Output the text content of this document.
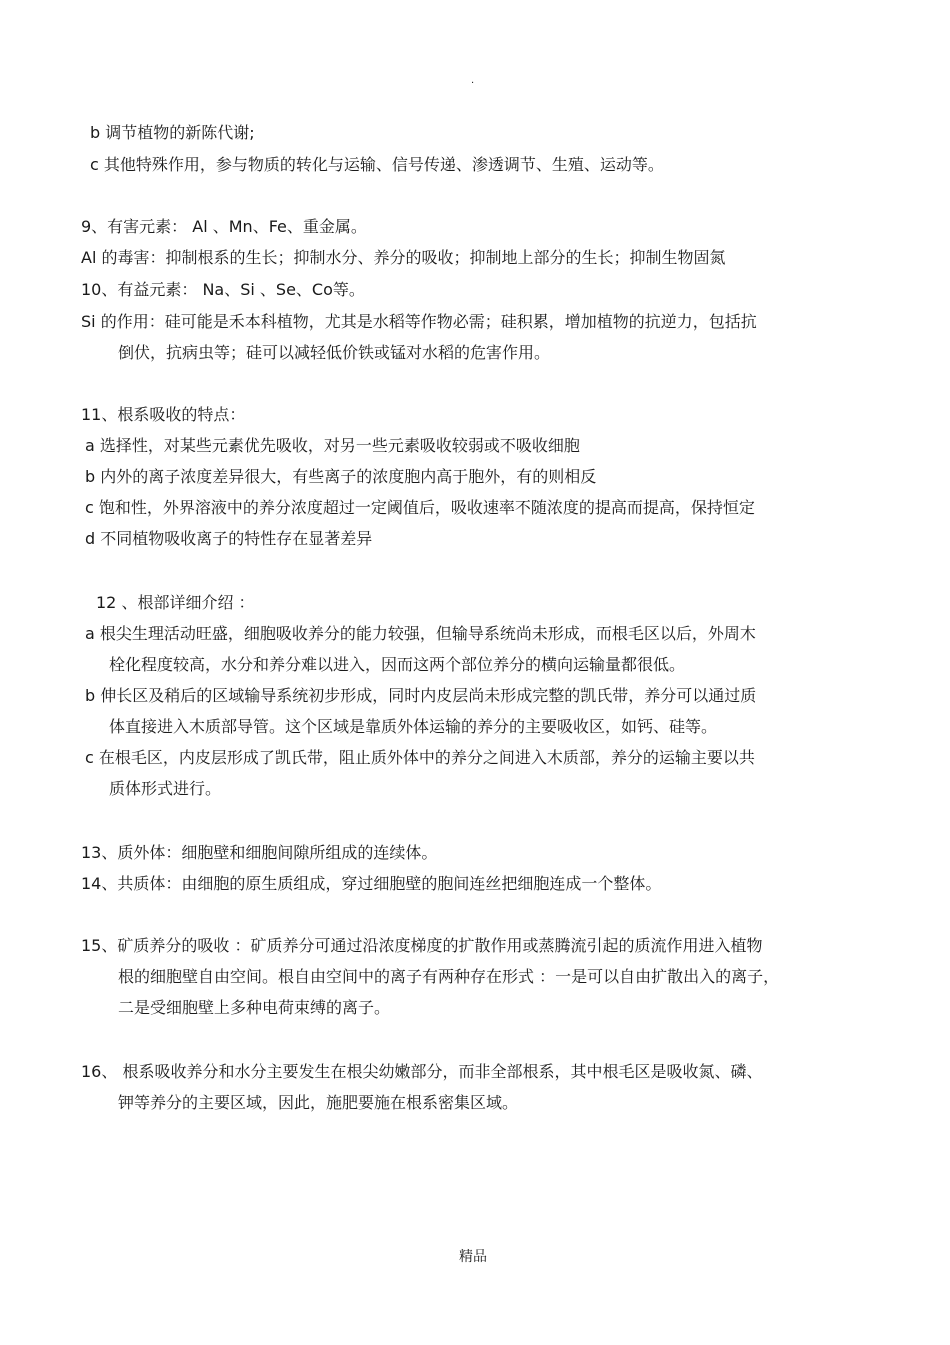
.
b 调节植物的新陈代谢;
c 其他特殊作用，参与物质的转化与运输、信号传递、渗透调节、生殖、运动等。
9、有害元素： Al 、Mn、Fe、重金属。
Al 的毒害：抑制根系的生长；抑制水分、养分的吸收；抑制地上部分的生长；抑制生物固氮
10、有益元素： Na、Si 、Se、Co等。
Si 的作用：硅可能是禾本科植物，尤其是水稻等作物必需；硅积累，增加植物的抗逆力，包括抗
倒伏，抗病虫等；硅可以减轻低价铁或锰对水稻的危害作用。
11、根系吸收的特点：
a 选择性，对某些元素优先吸收，对另一些元素吸收较弱或不吸收细胞
b 内外的离子浓度差异很大，有些离子的浓度胞内高于胞外，有的则相反
c 饱和性，外界溶液中的养分浓度超过一定阈值后，吸收速率不随浓度的提高而提高，保持恒定
d 不同植物吸收离子的特性存在显著差异
12 、根部详细介绍 ：
a 根尖生理活动旺盛，细胞吸收养分的能力较强，但输导系统尚未形成，而根毛区以后，外周木
栓化程度较高，水分和养分难以进入，因而这两个部位养分的横向运输量都很低。
b 伸长区及稍后的区域输导系统初步形成，同时内皮层尚未形成完整的凯氏带，养分可以通过质
体直接进入木质部导管。这个区域是靠质外体运输的养分的主要吸收区，如钙、硅等。
c 在根毛区，内皮层形成了凯氏带，阻止质外体中的养分之间进入木质部，养分的运输主要以共
质体形式进行。
13、质外体：细胞壁和细胞间隙所组成的连续体。
14、共质体：由细胞的原生质组成，穿过细胞壁的胞间连丝把细胞连成一个整体。
15、矿质养分的吸收 ：矿质养分可通过沿浓度梯度的扩散作用或蒸腾流引起的质流作用进入植物
根的细胞壁自由空间。根自由空间中的离子有两种存在形式 ：一是可以自由扩散出入的离子，
二是受细胞壁上多种电荷束缚的离子。
16、 根系吸收养分和水分主要发生在根尖幼嫩部分，而非全部根系，其中根毛区是吸收氮、磷、
钾等养分的主要区域，因此，施肥要施在根系密集区域。
精品
